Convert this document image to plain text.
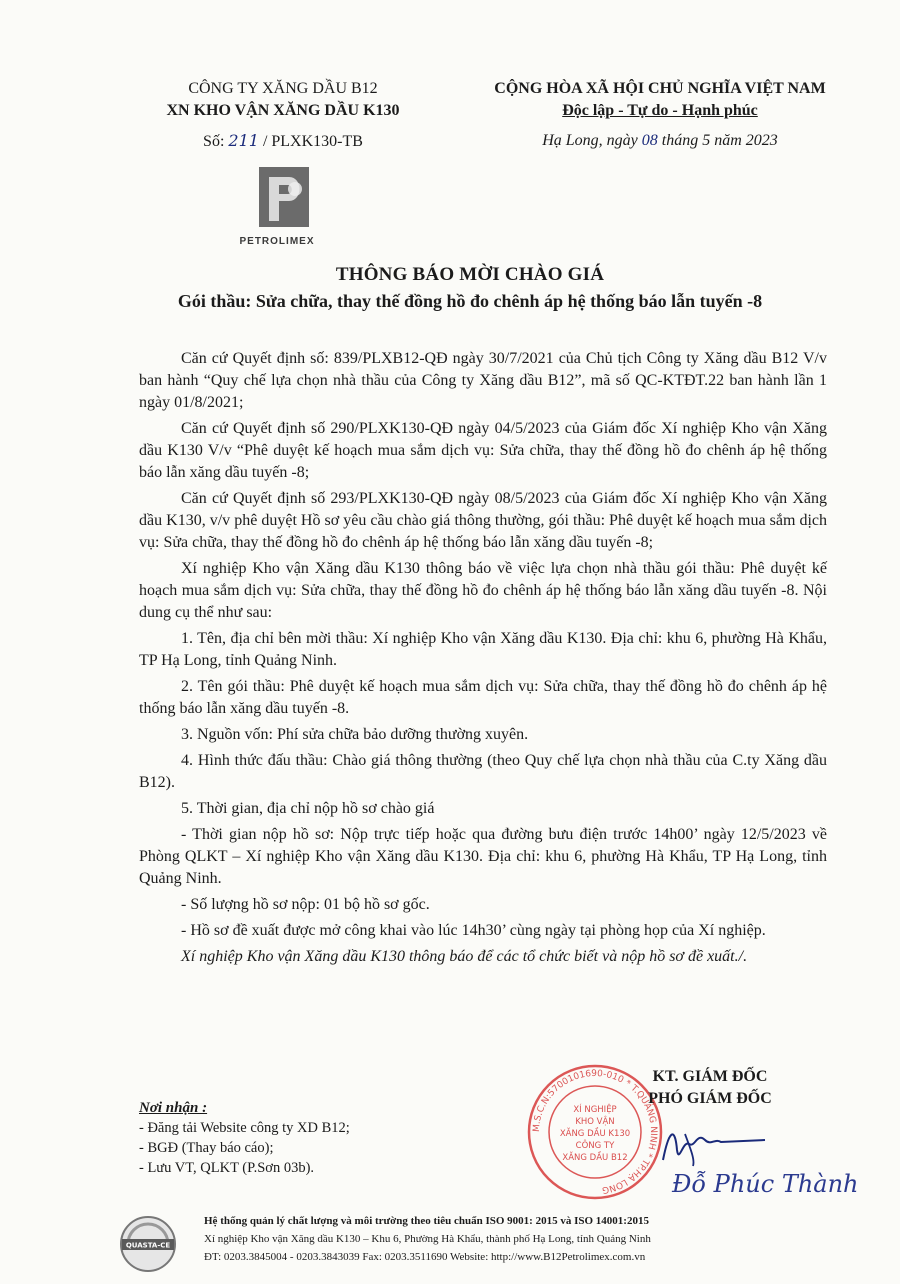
CÔNG TY XĂNG DẦU B12
XN KHO VẬN XĂNG DẦU K130
Số: 211 / PLXK130-TB
CỘNG HÒA XÃ HỘI CHỦ NGHĨA VIỆT NAM
Độc lập - Tự do - Hạnh phúc
Hạ Long, ngày 08 tháng 5 năm 2023
PETROLIMEX
THÔNG BÁO MỜI CHÀO GIÁ
Gói thầu: Sửa chữa, thay thế đồng hồ đo chênh áp hệ thống báo lẫn tuyến -8

Căn cứ Quyết định số: 839/PLXB12-QĐ ngày 30/7/2021 của Chủ tịch Công ty Xăng dầu B12 V/v ban hành “Quy chế lựa chọn nhà thầu của Công ty Xăng dầu B12”, mã số QC-KTĐT.22 ban hành lần 1 ngày 01/8/2021;

Căn cứ Quyết định số 290/PLXK130-QĐ ngày 04/5/2023 của Giám đốc Xí nghiệp Kho vận Xăng dầu K130 V/v “Phê duyệt kế hoạch mua sắm dịch vụ: Sửa chữa, thay thế đồng hồ đo chênh áp hệ thống báo lẫn xăng dầu tuyến -8;

Căn cứ Quyết định số 293/PLXK130-QĐ ngày 08/5/2023 của Giám đốc Xí nghiệp Kho vận Xăng dầu K130, v/v phê duyệt Hồ sơ yêu cầu chào giá thông thường, gói thầu: Phê duyệt kế hoạch mua sắm dịch vụ: Sửa chữa, thay thế đồng hồ đo chênh áp hệ thống báo lẫn xăng dầu tuyến -8;

Xí nghiệp Kho vận Xăng dầu K130 thông báo về việc lựa chọn nhà thầu gói thầu: Phê duyệt kế hoạch mua sắm dịch vụ: Sửa chữa, thay thế đồng hồ đo chênh áp hệ thống báo lẫn xăng dầu tuyến -8. Nội dung cụ thể như sau:

1. Tên, địa chỉ bên mời thầu: Xí nghiệp Kho vận Xăng dầu K130. Địa chỉ: khu 6, phường Hà Khẩu, TP Hạ Long, tỉnh Quảng Ninh.

2. Tên gói thầu: Phê duyệt kế hoạch mua sắm dịch vụ: Sửa chữa, thay thế đồng hồ đo chênh áp hệ thống báo lẫn xăng dầu tuyến -8.

3. Nguồn vốn: Phí sửa chữa bảo dưỡng thường xuyên.

4. Hình thức đấu thầu: Chào giá thông thường (theo Quy chế lựa chọn nhà thầu của C.ty Xăng dầu B12).

5. Thời gian, địa chỉ nộp hồ sơ chào giá

- Thời gian nộp hồ sơ: Nộp trực tiếp hoặc qua đường bưu điện trước 14h00’ ngày 12/5/2023 về Phòng QLKT – Xí nghiệp Kho vận Xăng dầu K130. Địa chỉ: khu 6, phường Hà Khẩu, TP Hạ Long, tỉnh Quảng Ninh.

- Số lượng hồ sơ nộp: 01 bộ hồ sơ gốc.

- Hồ sơ đề xuất được mở công khai vào lúc 14h30’ cùng ngày tại phòng họp của Xí nghiệp.

Xí nghiệp Kho vận Xăng dầu K130 thông báo để các tổ chức biết và nộp hồ sơ đề xuất./.

Nơi nhận :
- Đăng tải Website công ty XD B12;
- BGĐ (Thay báo cáo);
- Lưu VT, QLKT (P.Sơn 03b).
M.S.C.N:5700101690-010 * T.QUẢNG NINH * TP.HẠ LONG
XÍ NGHIỆP
KHO VẬN
XĂNG DẦU K130
CÔNG TY
XĂNG DẦU B12
KT. GIÁM ĐỐC
PHÓ GIÁM ĐỐC
Đỗ Phúc Thành
QUASTA-CE
Hệ thống quản lý chất lượng và môi trường theo tiêu chuẩn ISO 9001: 2015 và ISO 14001:2015
Xí nghiệp Kho vận Xăng dầu K130 – Khu 6, Phường Hà Khẩu, thành phố Hạ Long, tỉnh Quảng Ninh
ĐT: 0203.3845004 - 0203.3843039 Fax: 0203.3511690 Website: http://www.B12Petrolimex.com.vn
